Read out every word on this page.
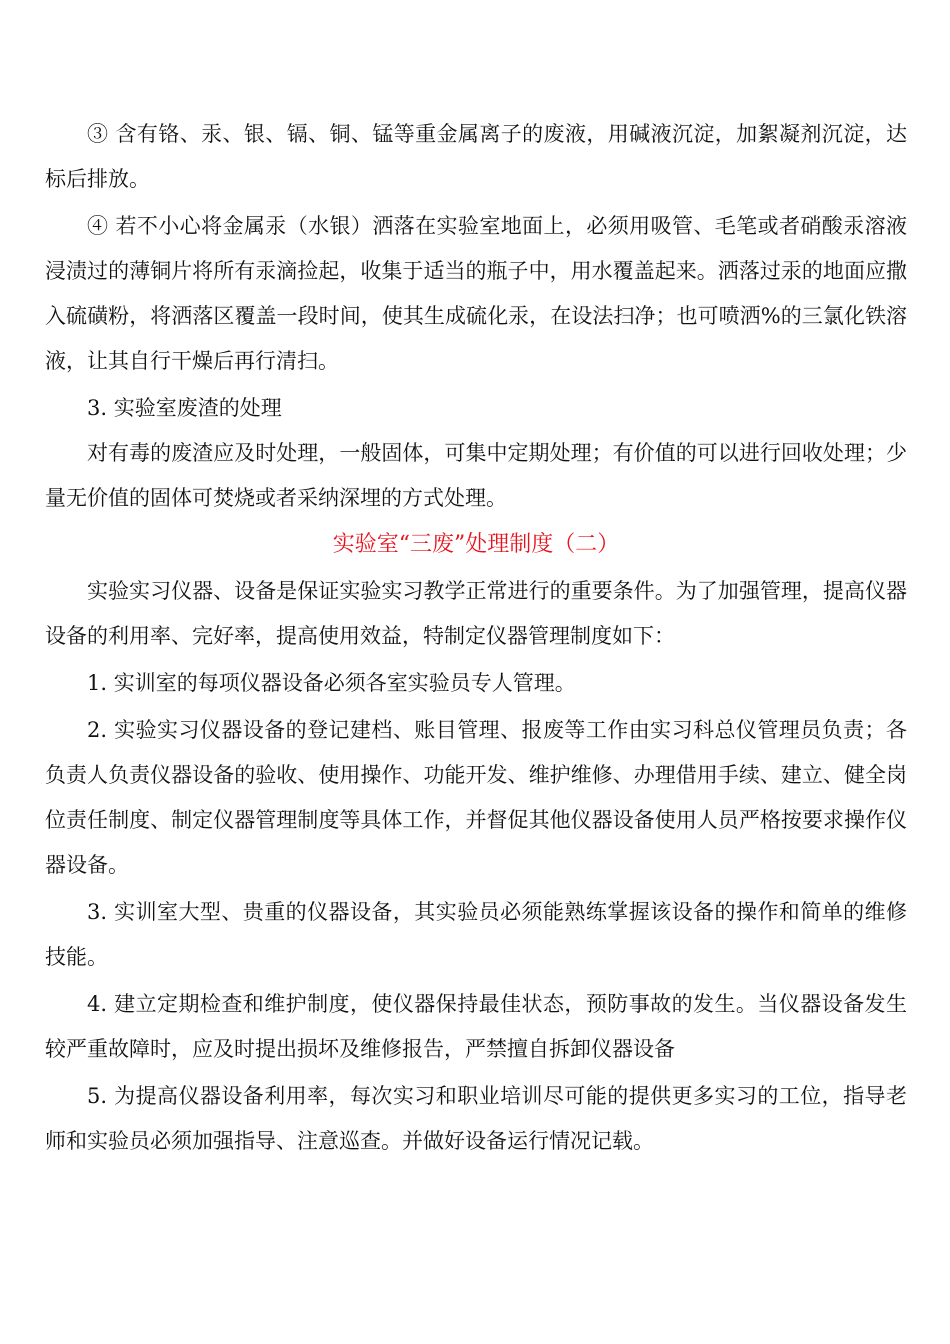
③ 含有铬、汞、银、镉、铜、锰等重金属离子的废液，用碱液沉淀，加絮凝剂沉淀，达标后排放。

④ 若不小心将金属汞（水银）洒落在实验室地面上，必须用吸管、毛笔或者硝酸汞溶液浸渍过的薄铜片将所有汞滴捡起，收集于适当的瓶子中，用水覆盖起来。洒落过汞的地面应撒入硫磺粉，将洒落区覆盖一段时间，使其生成硫化汞，在设法扫净；也可喷洒%的三氯化铁溶液，让其自行干燥后再行清扫。

3. 实验室废渣的处理

对有毒的废渣应及时处理，一般固体，可集中定期处理；有价值的可以进行回收处理；少量无价值的固体可焚烧或者采纳深埋的方式处理。

实验室“三废”处理制度（二）

实验实习仪器、设备是保证实验实习教学正常进行的重要条件。为了加强管理，提高仪器设备的利用率、完好率，提高使用效益，特制定仪器管理制度如下：

1. 实训室的每项仪器设备必须各室实验员专人管理。

2. 实验实习仪器设备的登记建档、账目管理、报废等工作由实习科总仪管理员负责；各负责人负责仪器设备的验收、使用操作、功能开发、维护维修、办理借用手续、建立、健全岗位责任制度、制定仪器管理制度等具体工作，并督促其他仪器设备使用人员严格按要求操作仪器设备。

3. 实训室大型、贵重的仪器设备，其实验员必须能熟练掌握该设备的操作和简单的维修技能。

4. 建立定期检查和维护制度，使仪器保持最佳状态，预防事故的发生。当仪器设备发生较严重故障时，应及时提出损坏及维修报告，严禁擅自拆卸仪器设备

5. 为提高仪器设备利用率，每次实习和职业培训尽可能的提供更多实习的工位，指导老师和实验员必须加强指导、注意巡查。并做好设备运行情况记载。
